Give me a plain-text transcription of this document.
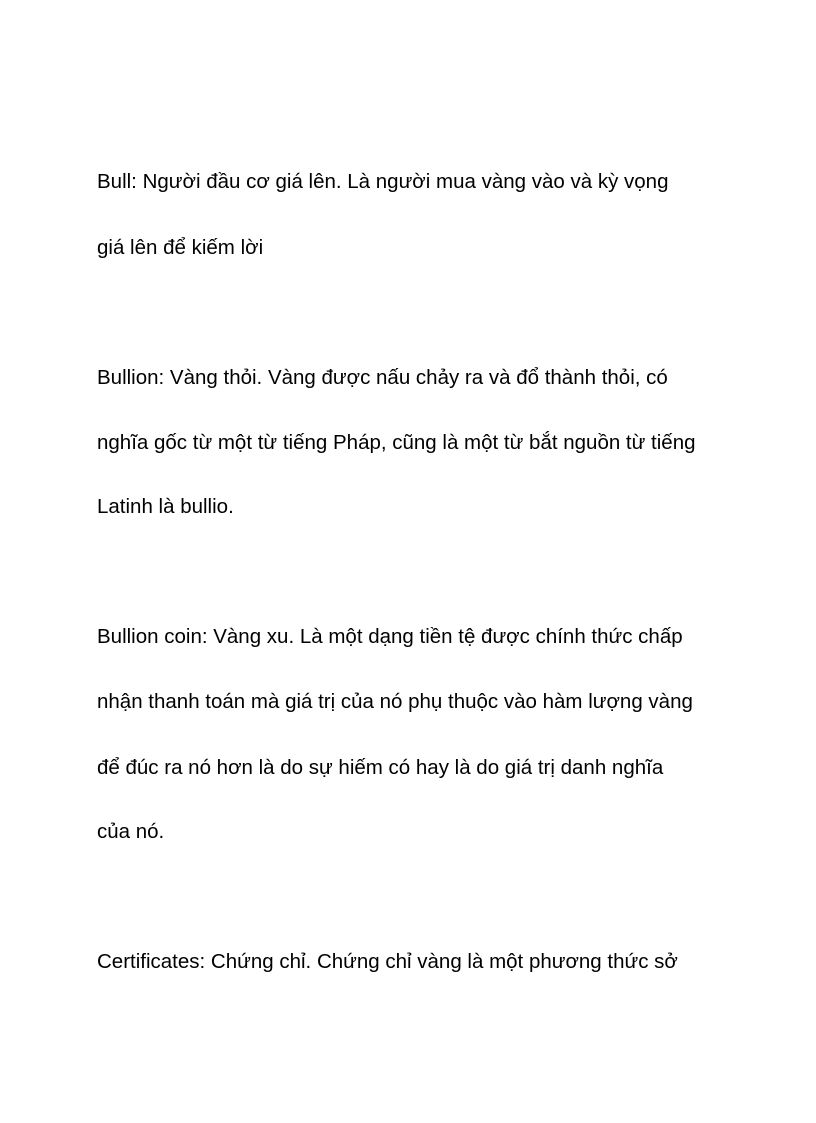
Bull: Người đầu cơ giá lên. Là người mua vàng vào và kỳ vọng

giá lên để kiếm lời

Bullion: Vàng thỏi. Vàng được nấu chảy ra và đổ thành thỏi, có

nghĩa gốc từ một từ tiếng Pháp, cũng là một từ bắt nguồn từ tiếng

Latinh là bullio.

Bullion coin: Vàng xu. Là một dạng tiền tệ được chính thức chấp

nhận thanh toán mà giá trị của nó phụ thuộc vào hàm lượng vàng

để đúc ra nó hơn là do sự hiếm có hay là do giá trị danh nghĩa

của nó.

Certificates: Chứng chỉ. Chứng chỉ vàng là một phương thức sở
